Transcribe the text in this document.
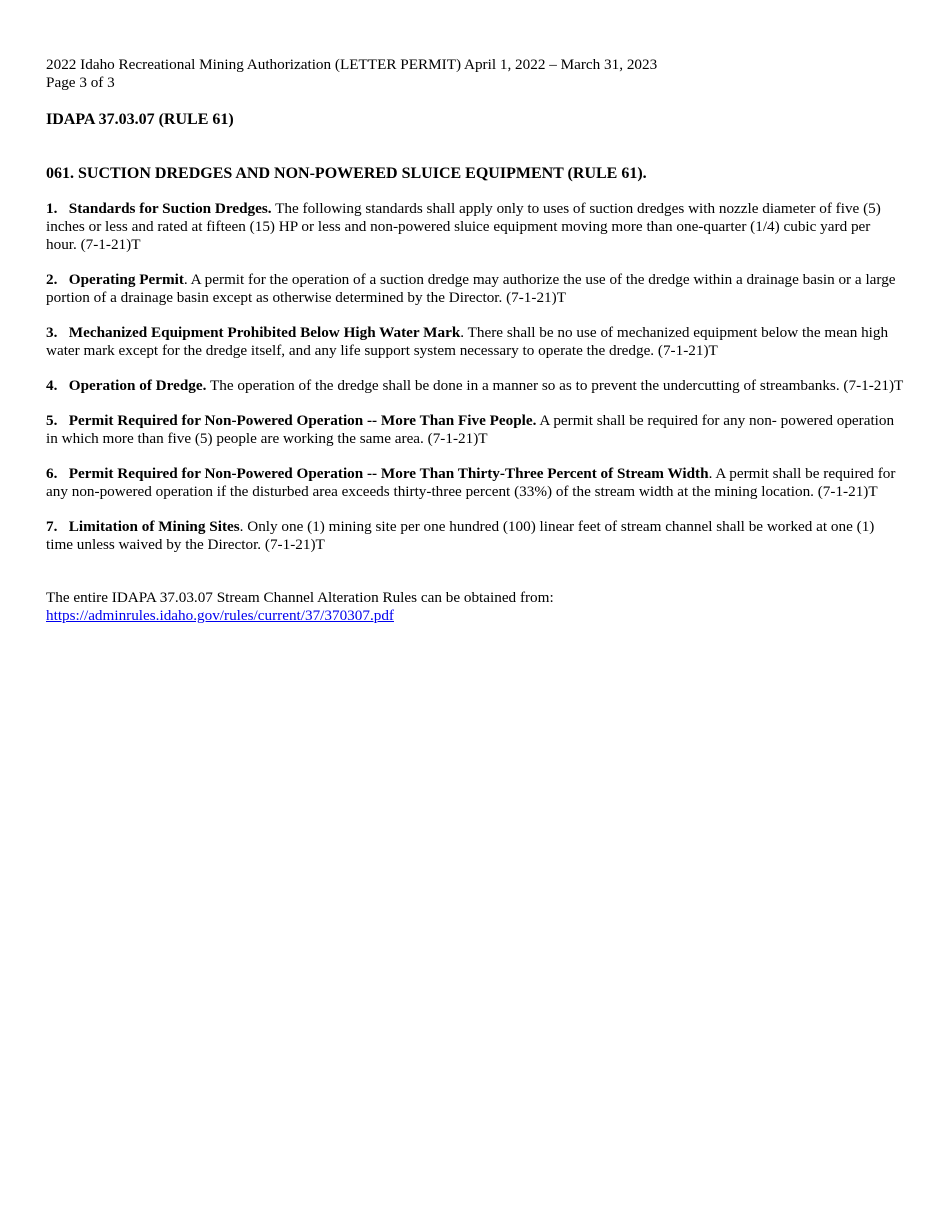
2022 Idaho Recreational Mining Authorization (LETTER PERMIT) April 1, 2022 – March 31, 2023
Page 3 of 3
IDAPA 37.03.07 (RULE 61)
061. SUCTION DREDGES AND NON-POWERED SLUICE EQUIPMENT (RULE 61).
1. Standards for Suction Dredges. The following standards shall apply only to uses of suction dredges with nozzle diameter of five (5) inches or less and rated at fifteen (15) HP or less and non-powered sluice equipment moving more than one-quarter (1/4) cubic yard per hour. (7-1-21)T
2. Operating Permit. A permit for the operation of a suction dredge may authorize the use of the dredge within a drainage basin or a large portion of a drainage basin except as otherwise determined by the Director. (7-1-21)T
3. Mechanized Equipment Prohibited Below High Water Mark. There shall be no use of mechanized equipment below the mean high water mark except for the dredge itself, and any life support system necessary to operate the dredge. (7-1-21)T
4. Operation of Dredge. The operation of the dredge shall be done in a manner so as to prevent the undercutting of streambanks. (7-1-21)T
5. Permit Required for Non-Powered Operation -- More Than Five People. A permit shall be required for any non- powered operation in which more than five (5) people are working the same area. (7-1-21)T
6. Permit Required for Non-Powered Operation -- More Than Thirty-Three Percent of Stream Width. A permit shall be required for any non-powered operation if the disturbed area exceeds thirty-three percent (33%) of the stream width at the mining location. (7-1-21)T
7. Limitation of Mining Sites. Only one (1) mining site per one hundred (100) linear feet of stream channel shall be worked at one (1) time unless waived by the Director. (7-1-21)T
The entire IDAPA 37.03.07 Stream Channel Alteration Rules can be obtained from:
https://adminrules.idaho.gov/rules/current/37/370307.pdf
